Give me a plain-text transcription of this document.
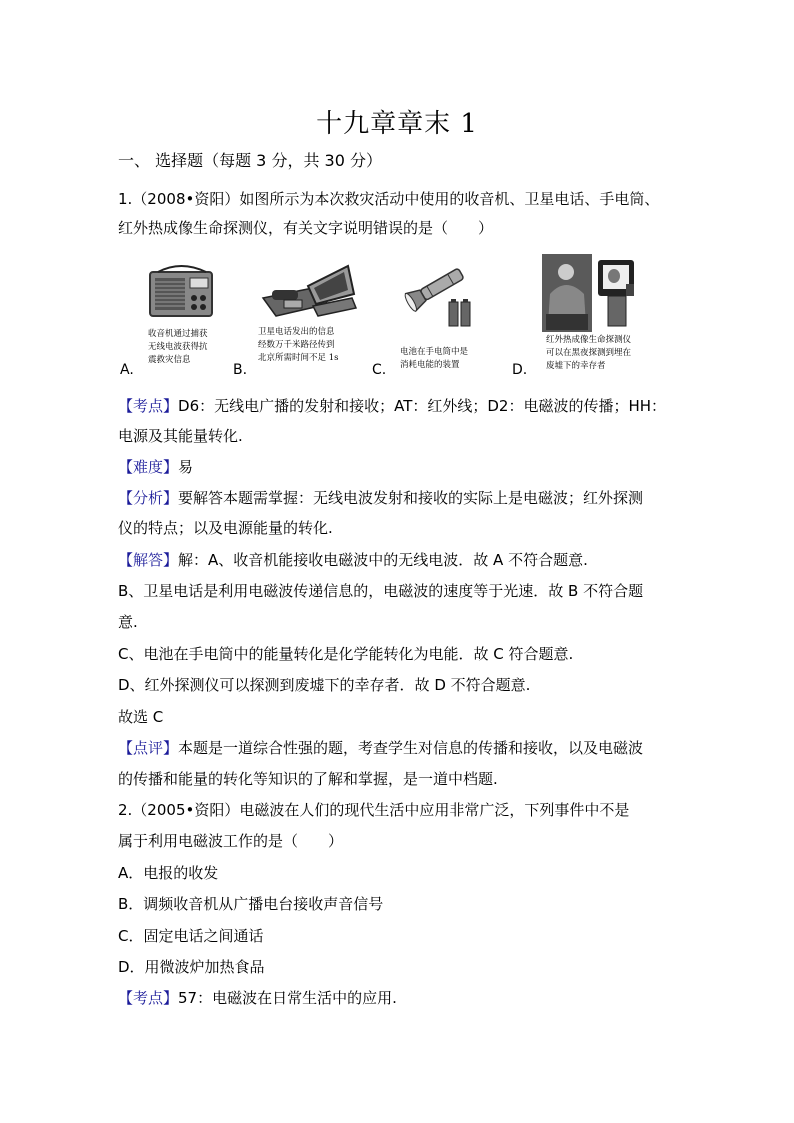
十九章章末 1
一、 选择题（每题 3 分，共 30 分）
1.（2008•资阳）如图所示为本次救灾活动中使用的收音机、卫星电话、手电筒、
红外热成像生命探测仪，有关文字说明错误的是（　　）
A.
收音机通过捕获
无线电波获得抗
震救灾信息
B.
卫星电话发出的信息
经数万千米路径传到
北京所需时间不足 1s
C.
电池在手电筒中是
消耗电能的装置	D.
红外热成像生命探测仪
可以在黑夜探测到埋在
废墟下的幸存者
【考点】D6：无线电广播的发射和接收；AT：红外线；D2：电磁波的传播；HH：
电源及其能量转化.
【难度】易
【分析】要解答本题需掌握：无线电波发射和接收的实际上是电磁波；红外探测
仪的特点；以及电源能量的转化.
【解答】解：A、收音机能接收电磁波中的无线电波．故 A 不符合题意.
B、卫星电话是利用电磁波传递信息的，电磁波的速度等于光速．故 B 不符合题
意.
C、电池在手电筒中的能量转化是化学能转化为电能．故 C 符合题意.
D、红外探测仪可以探测到废墟下的幸存者．故 D 不符合题意.
故选 C
【点评】本题是一道综合性强的题，考查学生对信息的传播和接收，以及电磁波
的传播和能量的转化等知识的了解和掌握，是一道中档题.
2.（2005•资阳）电磁波在人们的现代生活中应用非常广泛，下列事件中不是
属于利用电磁波工作的是（　　）
A．电报的收发
B．调频收音机从广播电台接收声音信号
C．固定电话之间通话
D．用微波炉加热食品
【考点】57：电磁波在日常生活中的应用.
